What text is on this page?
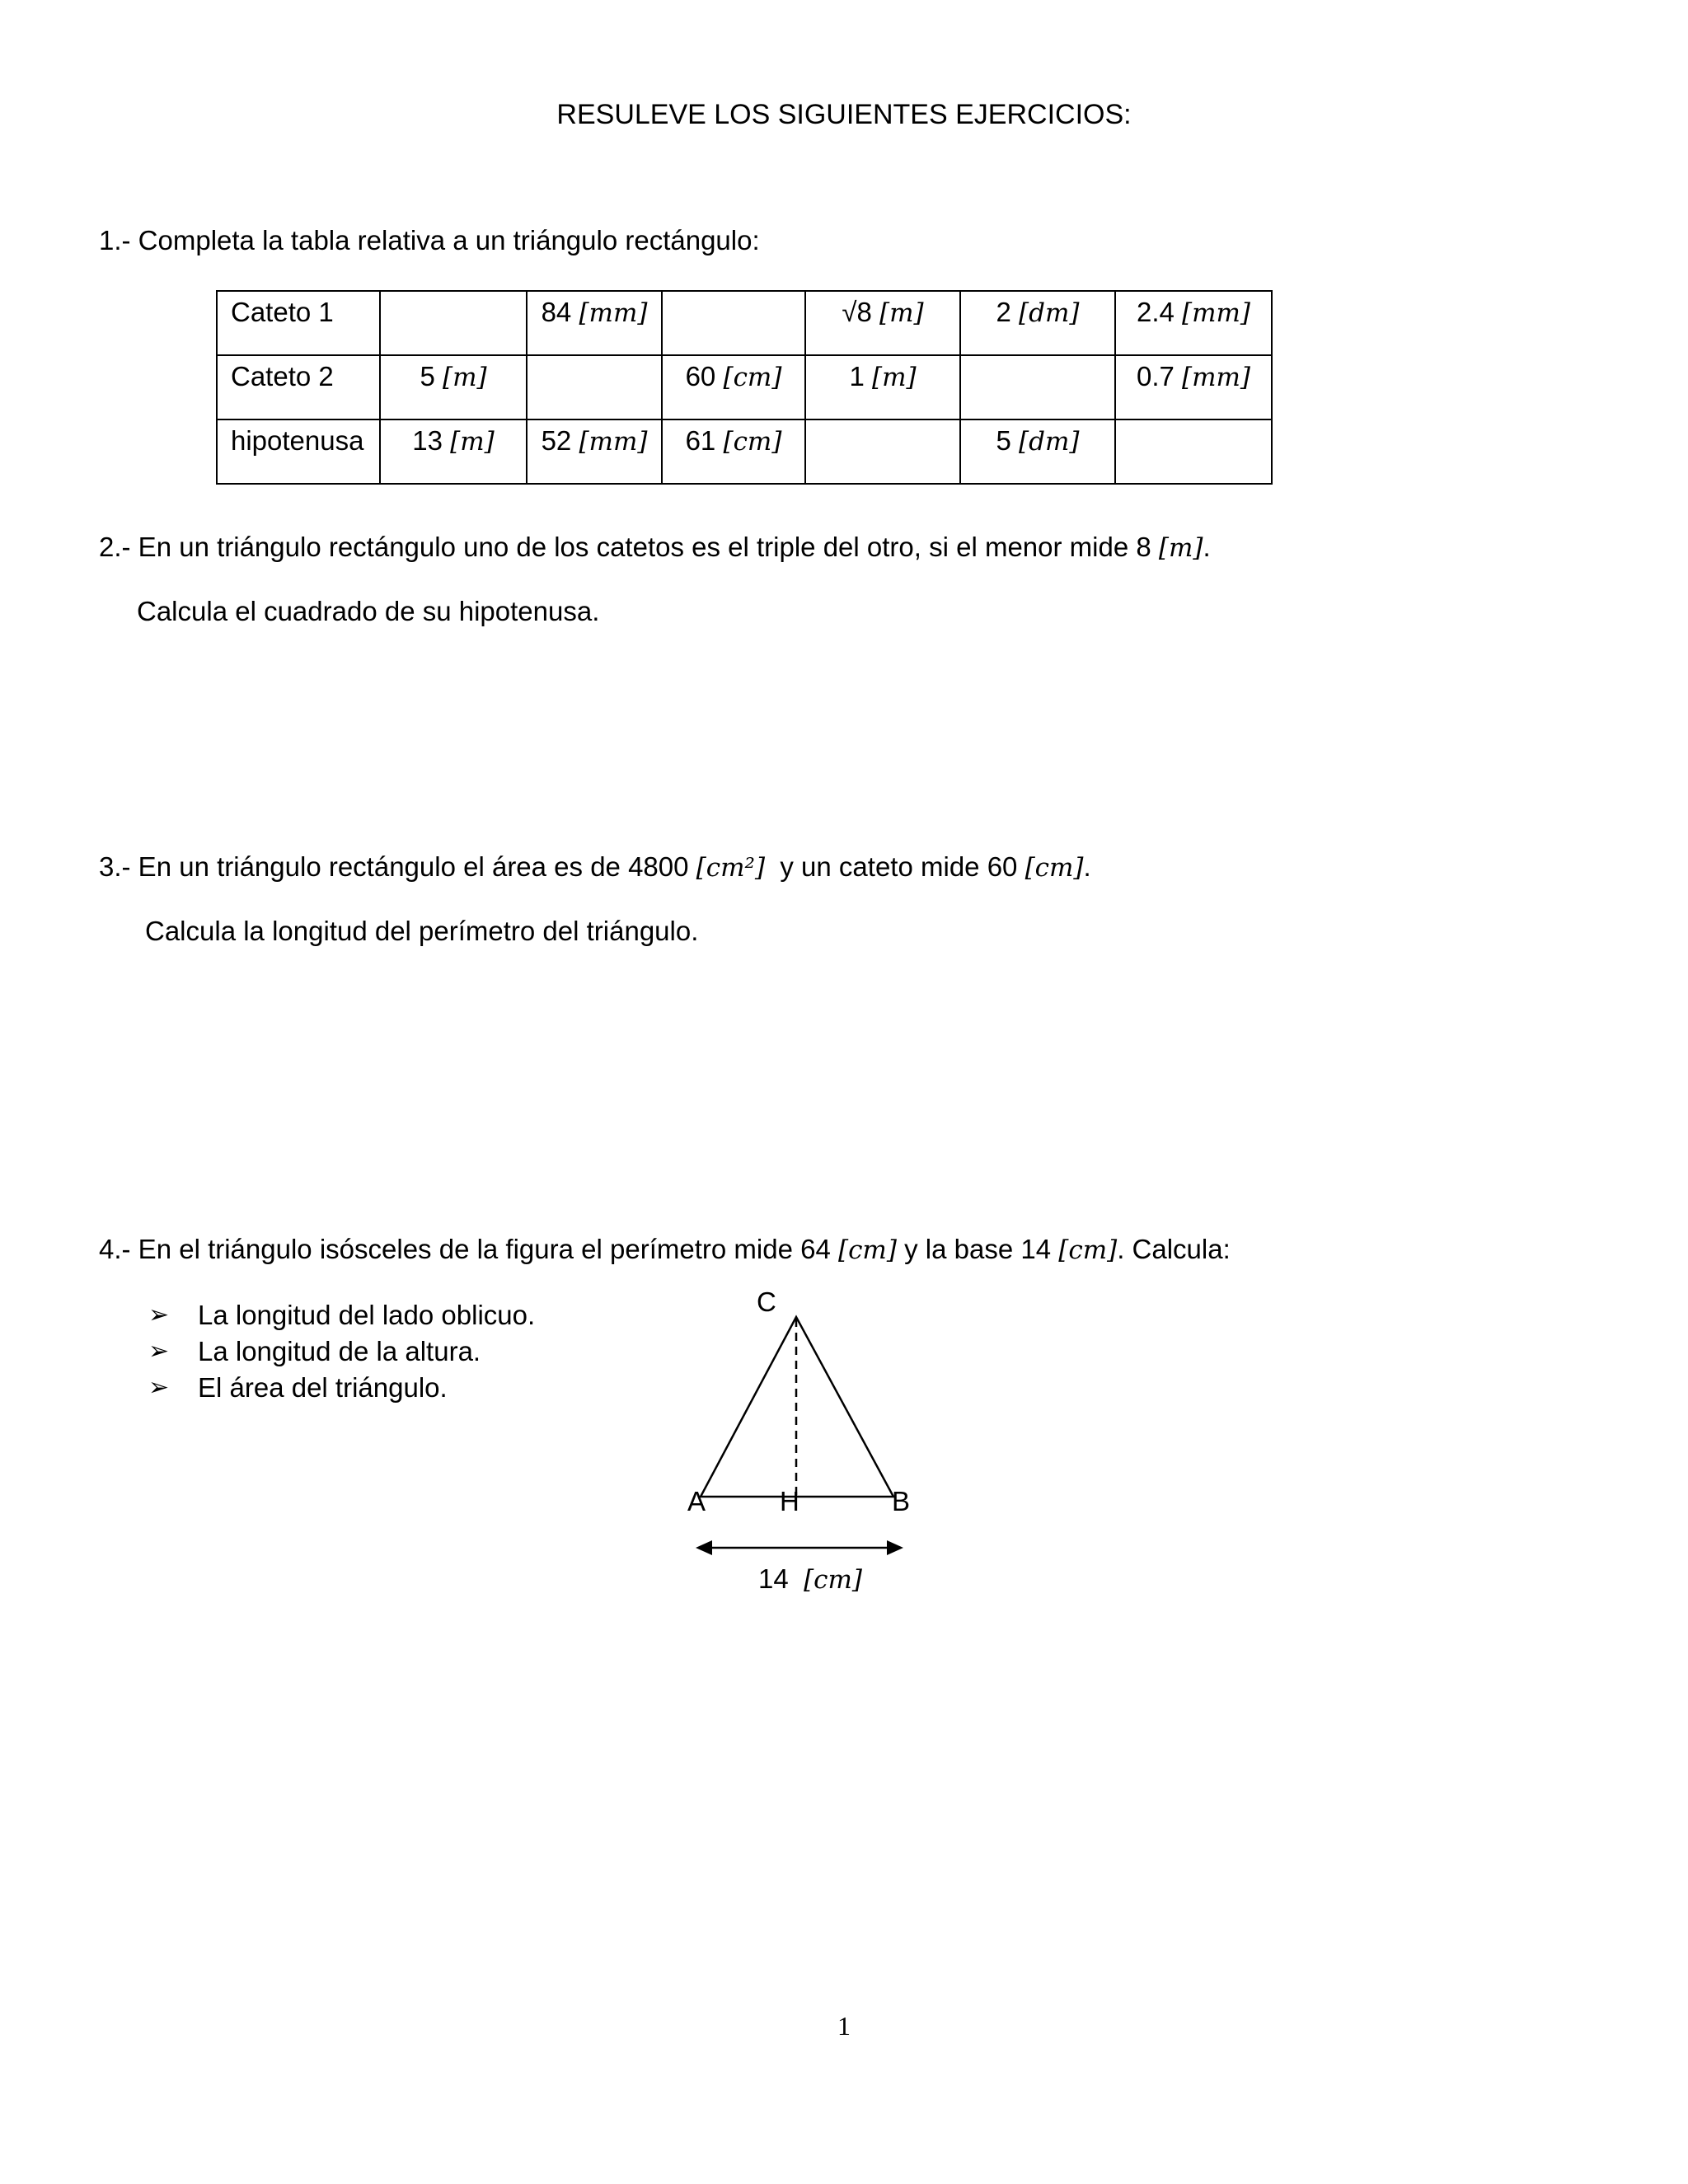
RESULEVE LOS SIGUIENTES EJERCICIOS:
1.- Completa la tabla relativa a un triángulo rectángulo:
Cateto 1		84 [mm]		√8 [m]	2 [dm]	2.4 [mm]
Cateto 2	5 [m]		60 [cm]	1 [m]		0.7 [mm]
hipotenusa	13 [m]	52 [mm]	61 [cm]		5 [dm]	
2.- En un triángulo rectángulo uno de los catetos es el triple del otro, si el menor mide 8 [m].
Calcula el cuadrado de su hipotenusa.
3.- En un triángulo rectángulo el área es de 4800 [cm²] y un cateto mide 60 [cm].
Calcula la longitud del perímetro del triángulo.
4.- En el triángulo isósceles de la figura el perímetro mide 64 [cm] y la base 14 [cm]. Calcula:
➢ La longitud del lado oblicuo.
➢ La longitud de la altura.
➢ El área del triángulo.
C
A	H	B
14 [cm]
1
